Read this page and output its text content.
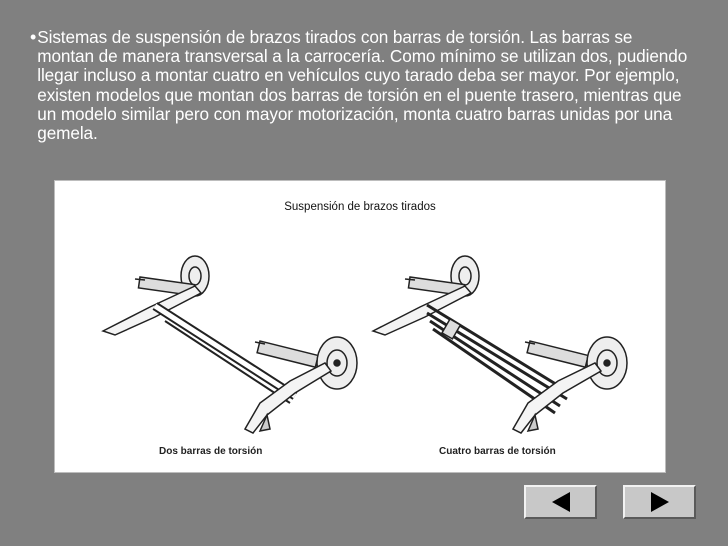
• Sistemas de suspensión de brazos tirados con barras de torsión. Las barras se montan de manera transversal a la carrocería. Como mínimo se utilizan dos, pudiendo llegar incluso a montar cuatro en vehículos cuyo tarado deba ser mayor. Por ejemplo, existen modelos que montan dos barras de torsión en el puente trasero, mientras que un modelo similar pero con mayor motorización, monta cuatro barras unidas por una gemela.
Suspensión de brazos tirados
Dos barras de torsión	Cuatro barras de torsión
